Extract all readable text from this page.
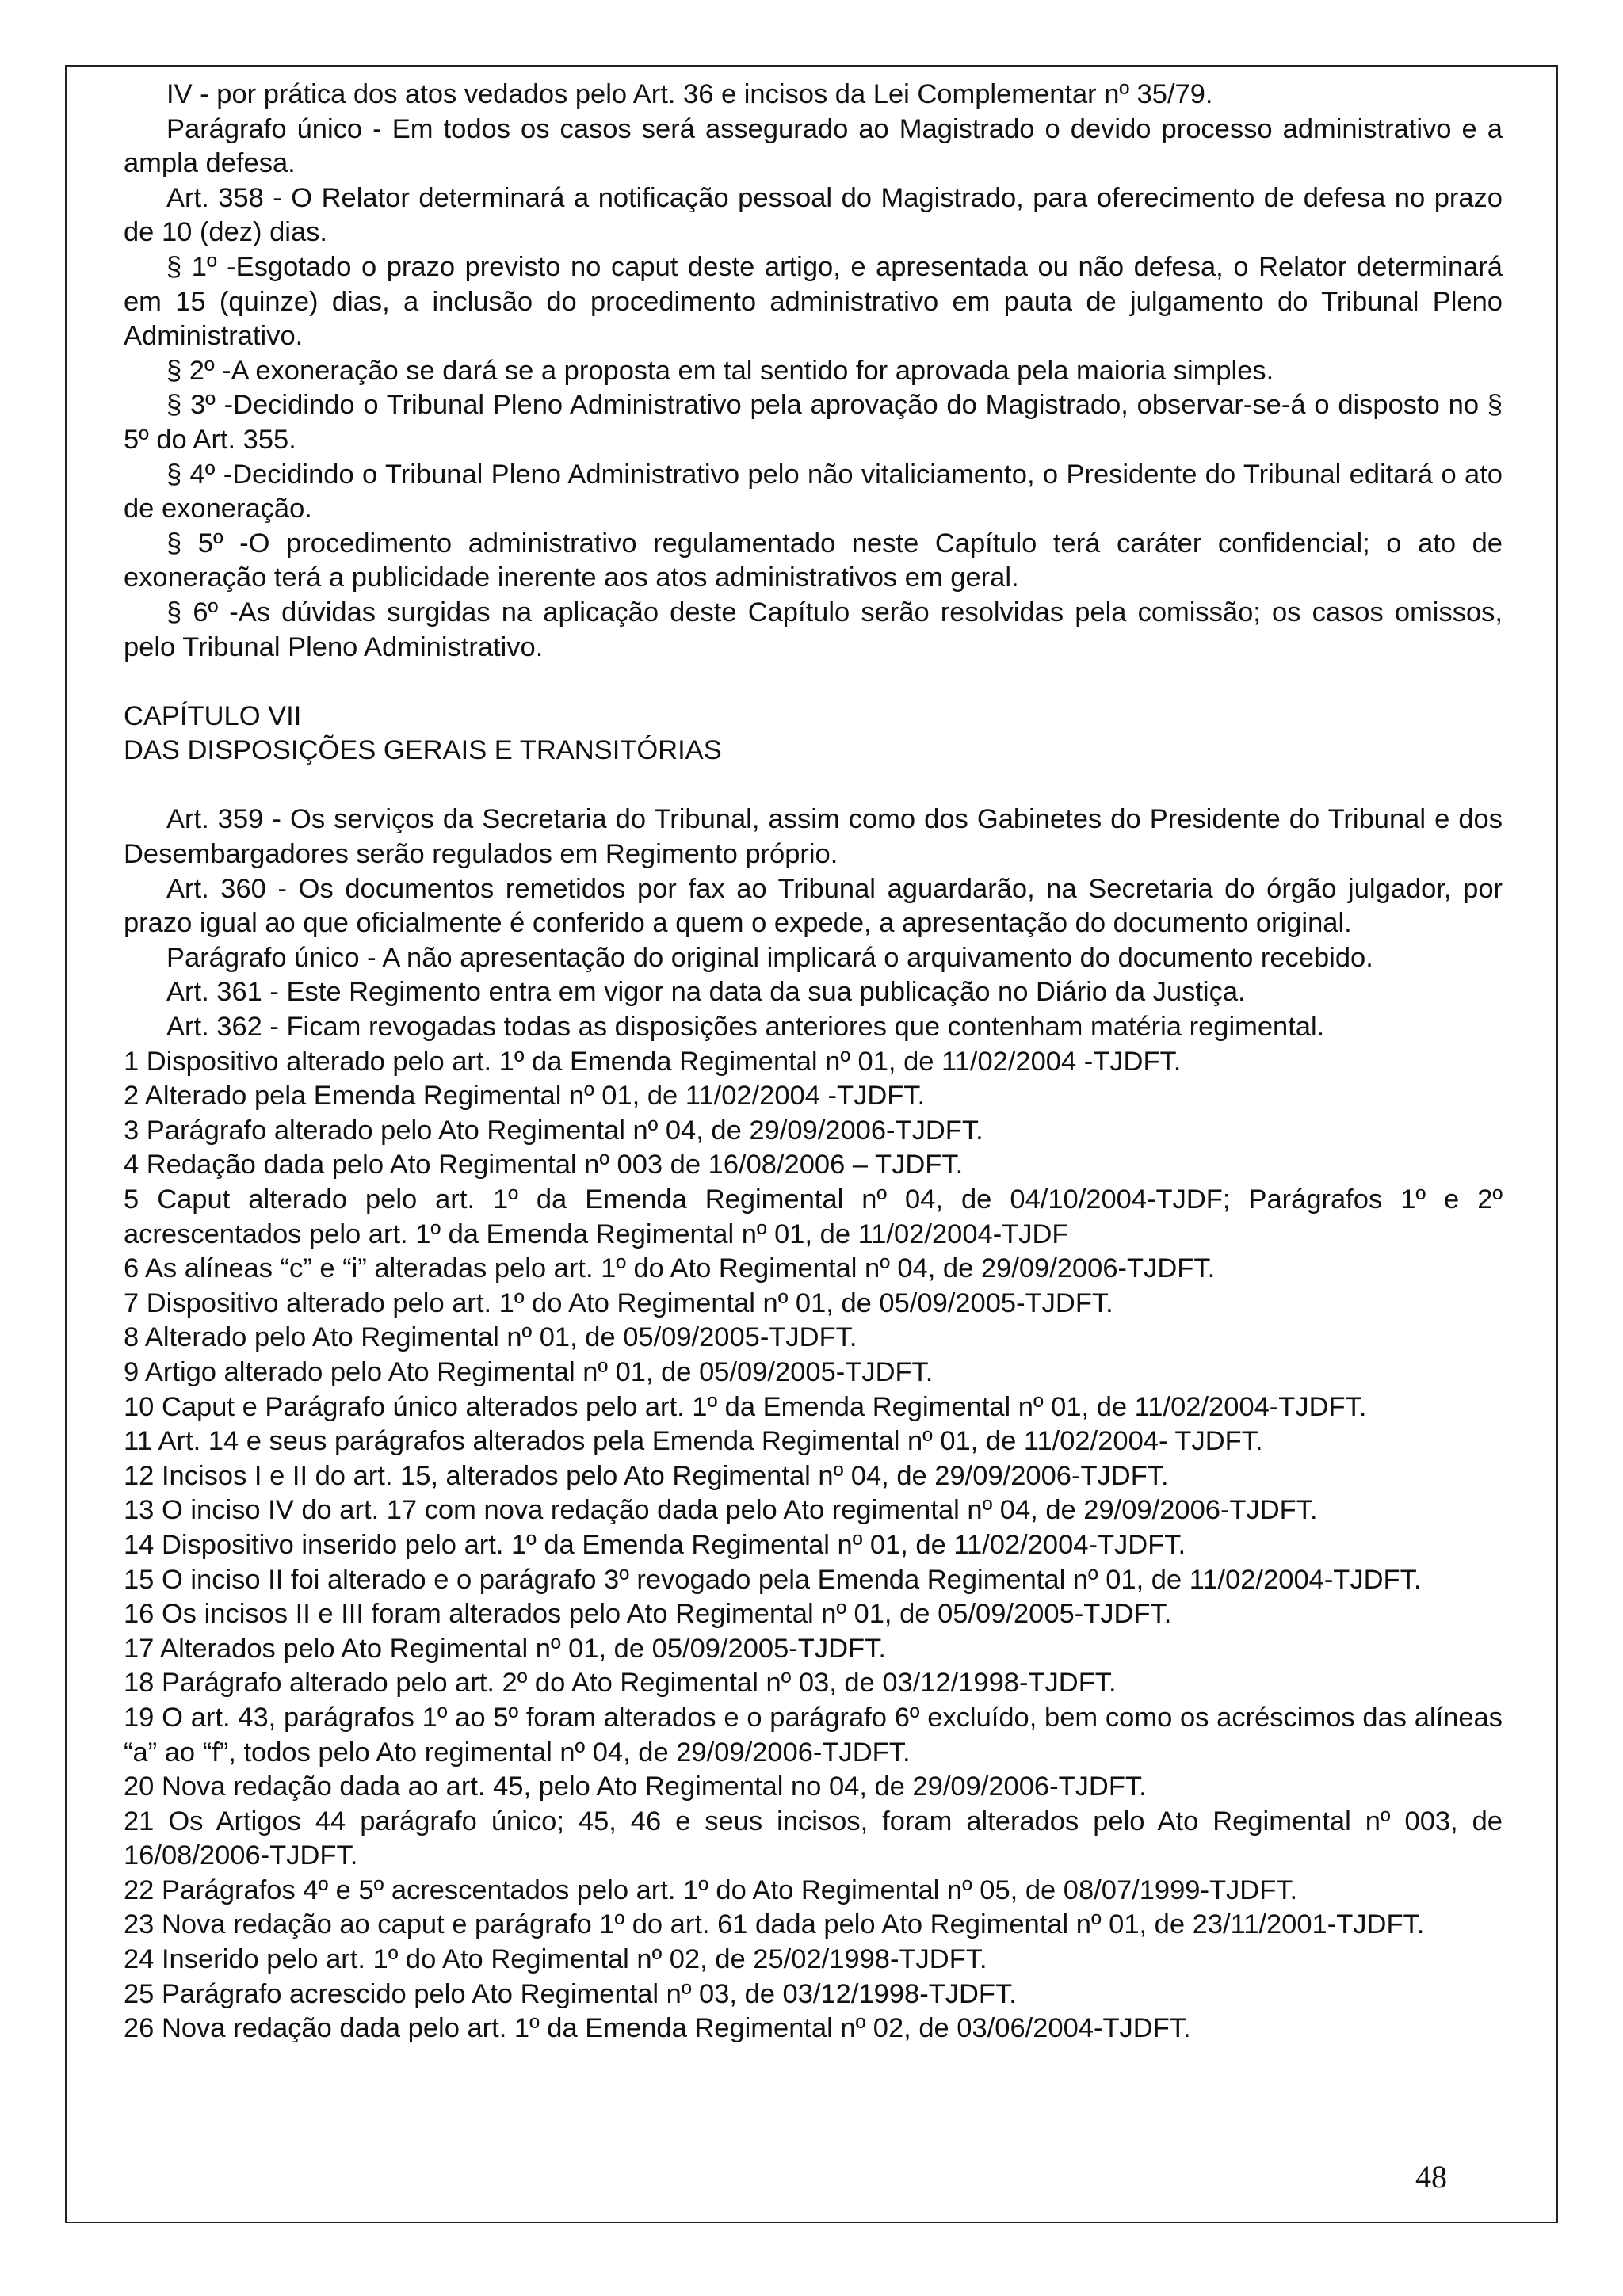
IV - por prática dos atos vedados pelo Art. 36 e incisos da Lei Complementar nº 35/79.

Parágrafo único - Em todos os casos será assegurado ao Magistrado o devido processo administrativo e a ampla defesa.

Art. 358 - O Relator determinará a notificação pessoal do Magistrado, para oferecimento de defesa no prazo de 10 (dez) dias.

§ 1º -Esgotado o prazo previsto no caput deste artigo, e apresentada ou não defesa, o Relator determinará em 15 (quinze) dias, a inclusão do procedimento administrativo em pauta de julgamento do Tribunal Pleno Administrativo.

§ 2º -A exoneração se dará se a proposta em tal sentido for aprovada pela maioria simples.

§ 3º -Decidindo o Tribunal Pleno Administrativo pela aprovação do Magistrado, observar-se-á o disposto no § 5º do Art. 355.

§ 4º -Decidindo o Tribunal Pleno Administrativo pelo não vitaliciamento, o Presidente do Tribunal editará o ato de exoneração.

§ 5º -O procedimento administrativo regulamentado neste Capítulo terá caráter confidencial; o ato de exoneração terá a publicidade inerente aos atos administrativos em geral.

§ 6º -As dúvidas surgidas na aplicação deste Capítulo serão resolvidas pela comissão; os casos omissos, pelo Tribunal Pleno Administrativo.

CAPÍTULO VII

DAS DISPOSIÇÕES GERAIS E TRANSITÓRIAS

Art. 359 - Os serviços da Secretaria do Tribunal, assim como dos Gabinetes do Presidente do Tribunal e dos Desembargadores serão regulados em Regimento próprio.

Art. 360 - Os documentos remetidos por fax ao Tribunal aguardarão, na Secretaria do órgão julgador, por prazo igual ao que oficialmente é conferido a quem o expede, a apresentação do documento original.

Parágrafo único - A não apresentação do original implicará o arquivamento do documento recebido.

Art. 361 - Este Regimento entra em vigor na data da sua publicação no Diário da Justiça.

Art. 362 - Ficam revogadas todas as disposições anteriores que contenham matéria regimental.

1 Dispositivo alterado pelo art. 1º da Emenda Regimental nº 01, de 11/02/2004 -TJDFT.

2 Alterado pela Emenda Regimental nº 01, de 11/02/2004 -TJDFT.

3 Parágrafo alterado pelo Ato Regimental nº 04, de 29/09/2006-TJDFT.

4 Redação dada pelo Ato Regimental nº 003 de 16/08/2006 – TJDFT.

5 Caput alterado pelo art. 1º da Emenda Regimental nº 04, de 04/10/2004-TJDF; Parágrafos 1º e 2º acrescentados pelo art. 1º da Emenda Regimental nº 01, de 11/02/2004-TJDF

6 As alíneas “c” e “i” alteradas pelo art. 1º do Ato Regimental nº 04, de 29/09/2006-TJDFT.

7 Dispositivo alterado pelo art. 1º do Ato Regimental nº 01, de 05/09/2005-TJDFT.

8 Alterado pelo Ato Regimental nº 01, de 05/09/2005-TJDFT.

9 Artigo alterado pelo Ato Regimental nº 01, de 05/09/2005-TJDFT.

10 Caput e Parágrafo único alterados pelo art. 1º da Emenda Regimental nº 01, de 11/02/2004-TJDFT.

11 Art. 14 e seus parágrafos alterados pela Emenda Regimental nº 01, de 11/02/2004- TJDFT.

12 Incisos I e II do art. 15, alterados pelo Ato Regimental nº 04, de 29/09/2006-TJDFT.

13 O inciso IV do art. 17 com nova redação dada pelo Ato regimental nº 04, de 29/09/2006-TJDFT.

14 Dispositivo inserido pelo art. 1º da Emenda Regimental nº 01, de 11/02/2004-TJDFT.

15 O inciso II foi alterado e o parágrafo 3º revogado pela Emenda Regimental nº 01, de 11/02/2004-TJDFT.

16 Os incisos II e III foram alterados pelo Ato Regimental nº 01, de 05/09/2005-TJDFT.

17 Alterados pelo Ato Regimental nº 01, de 05/09/2005-TJDFT.

18 Parágrafo alterado pelo art. 2º do Ato Regimental nº 03, de 03/12/1998-TJDFT.

19 O art. 43, parágrafos 1º ao 5º foram alterados e o parágrafo 6º excluído, bem como os acréscimos das alíneas “a” ao “f”, todos pelo Ato regimental nº 04, de 29/09/2006-TJDFT.

20 Nova redação dada ao art. 45, pelo Ato Regimental no 04, de 29/09/2006-TJDFT.

21 Os Artigos 44 parágrafo único; 45, 46 e seus incisos, foram alterados pelo Ato Regimental nº 003, de 16/08/2006-TJDFT.

22 Parágrafos 4º e 5º acrescentados pelo art. 1º do Ato Regimental nº 05, de 08/07/1999-TJDFT.

23 Nova redação ao caput e parágrafo 1º do art. 61 dada pelo Ato Regimental nº 01, de 23/11/2001-TJDFT.

24 Inserido pelo art. 1º do Ato Regimental nº 02, de 25/02/1998-TJDFT.

25 Parágrafo acrescido pelo Ato Regimental nº 03, de 03/12/1998-TJDFT.

26 Nova redação dada pelo art. 1º da Emenda Regimental nº 02, de 03/06/2004-TJDFT.

48
